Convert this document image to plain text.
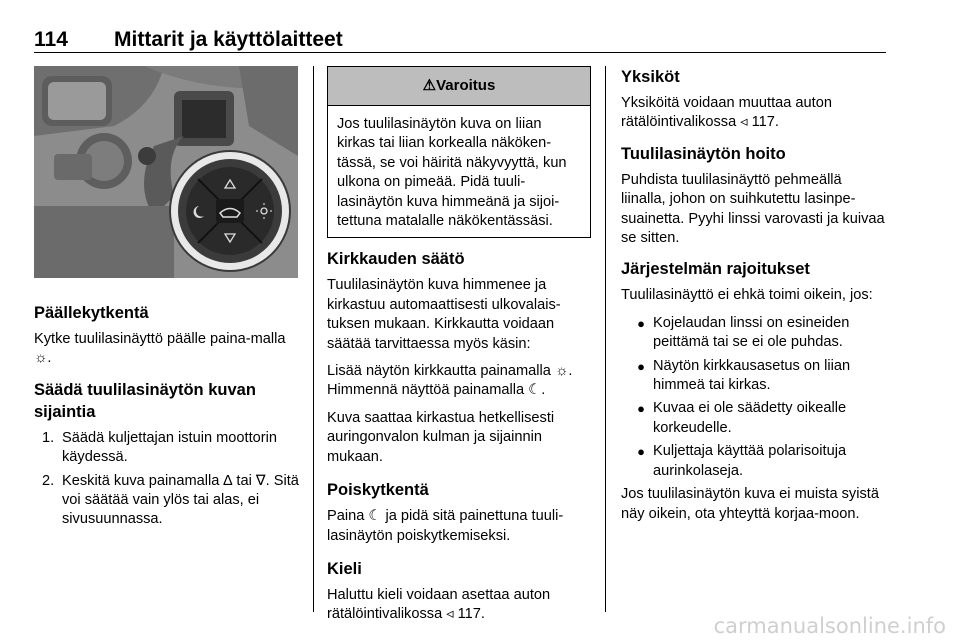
114 Mittarit ja käyttölaitteet
Päällekytkentä

Kytke tuulilasinäyttö päälle paina-malla ☼.

Säädä tuulilasinäytön kuvan sijaintia
1. Säädä kuljettajan istuin moottorin käydessä.
2. Keskitä kuva painamalla ∆ tai ∇. Sitä voi säätää vain ylös tai alas, ei sivusuunnassa.
⚠Varoitus
Jos tuulilasinäytön kuva on liian kirkas tai liian korkealla näköken-tässä, se voi häiritä näkyvyyttä, kun ulkona on pimeää. Pidä tuuli-lasinäytön kuva himmeänä ja sijoi-tettuna matalalle näkökentässäsi.
Kirkkauden säätö

Tuulilasinäytön kuva himmenee ja kirkastuu automaattisesti ulkovalais-tuksen mukaan. Kirkkautta voidaan säätää tarvittaessa myös käsin:

Lisää näytön kirkkautta painamalla ☼. Himmennä näyttöä painamalla ☾.

Kuva saattaa kirkastua hetkellisesti auringonvalon kulman ja sijainnin mukaan.

Poiskytkentä

Paina ☾ ja pidä sitä painettuna tuuli-lasinäytön poiskytkemiseksi.

Kieli

Haluttu kieli voidaan asettaa auton rätälöintivalikossa ◃ 117.

Yksiköt

Yksiköitä voidaan muuttaa auton rätälöintivalikossa ◃ 117.

Tuulilasinäytön hoito

Puhdista tuulilasinäyttö pehmeällä liinalla, johon on suihkutettu lasinpe-suainetta. Pyyhi linssi varovasti ja kuivaa se sitten.

Järjestelmän rajoitukset

Tuulilasinäyttö ei ehkä toimi oikein, jos:

● Kojelaudan linssi on esineiden peittämä tai se ei ole puhdas.
● Näytön kirkkausasetus on liian himmeä tai kirkas.
● Kuvaa ei ole säädetty oikealle korkeudelle.
● Kuljettaja käyttää polarisoituja aurinkolaseja.

Jos tuulilasinäytön kuva ei muista syistä näy oikein, ota yhteyttä korjaa-moon.

carmanualsonline.info
